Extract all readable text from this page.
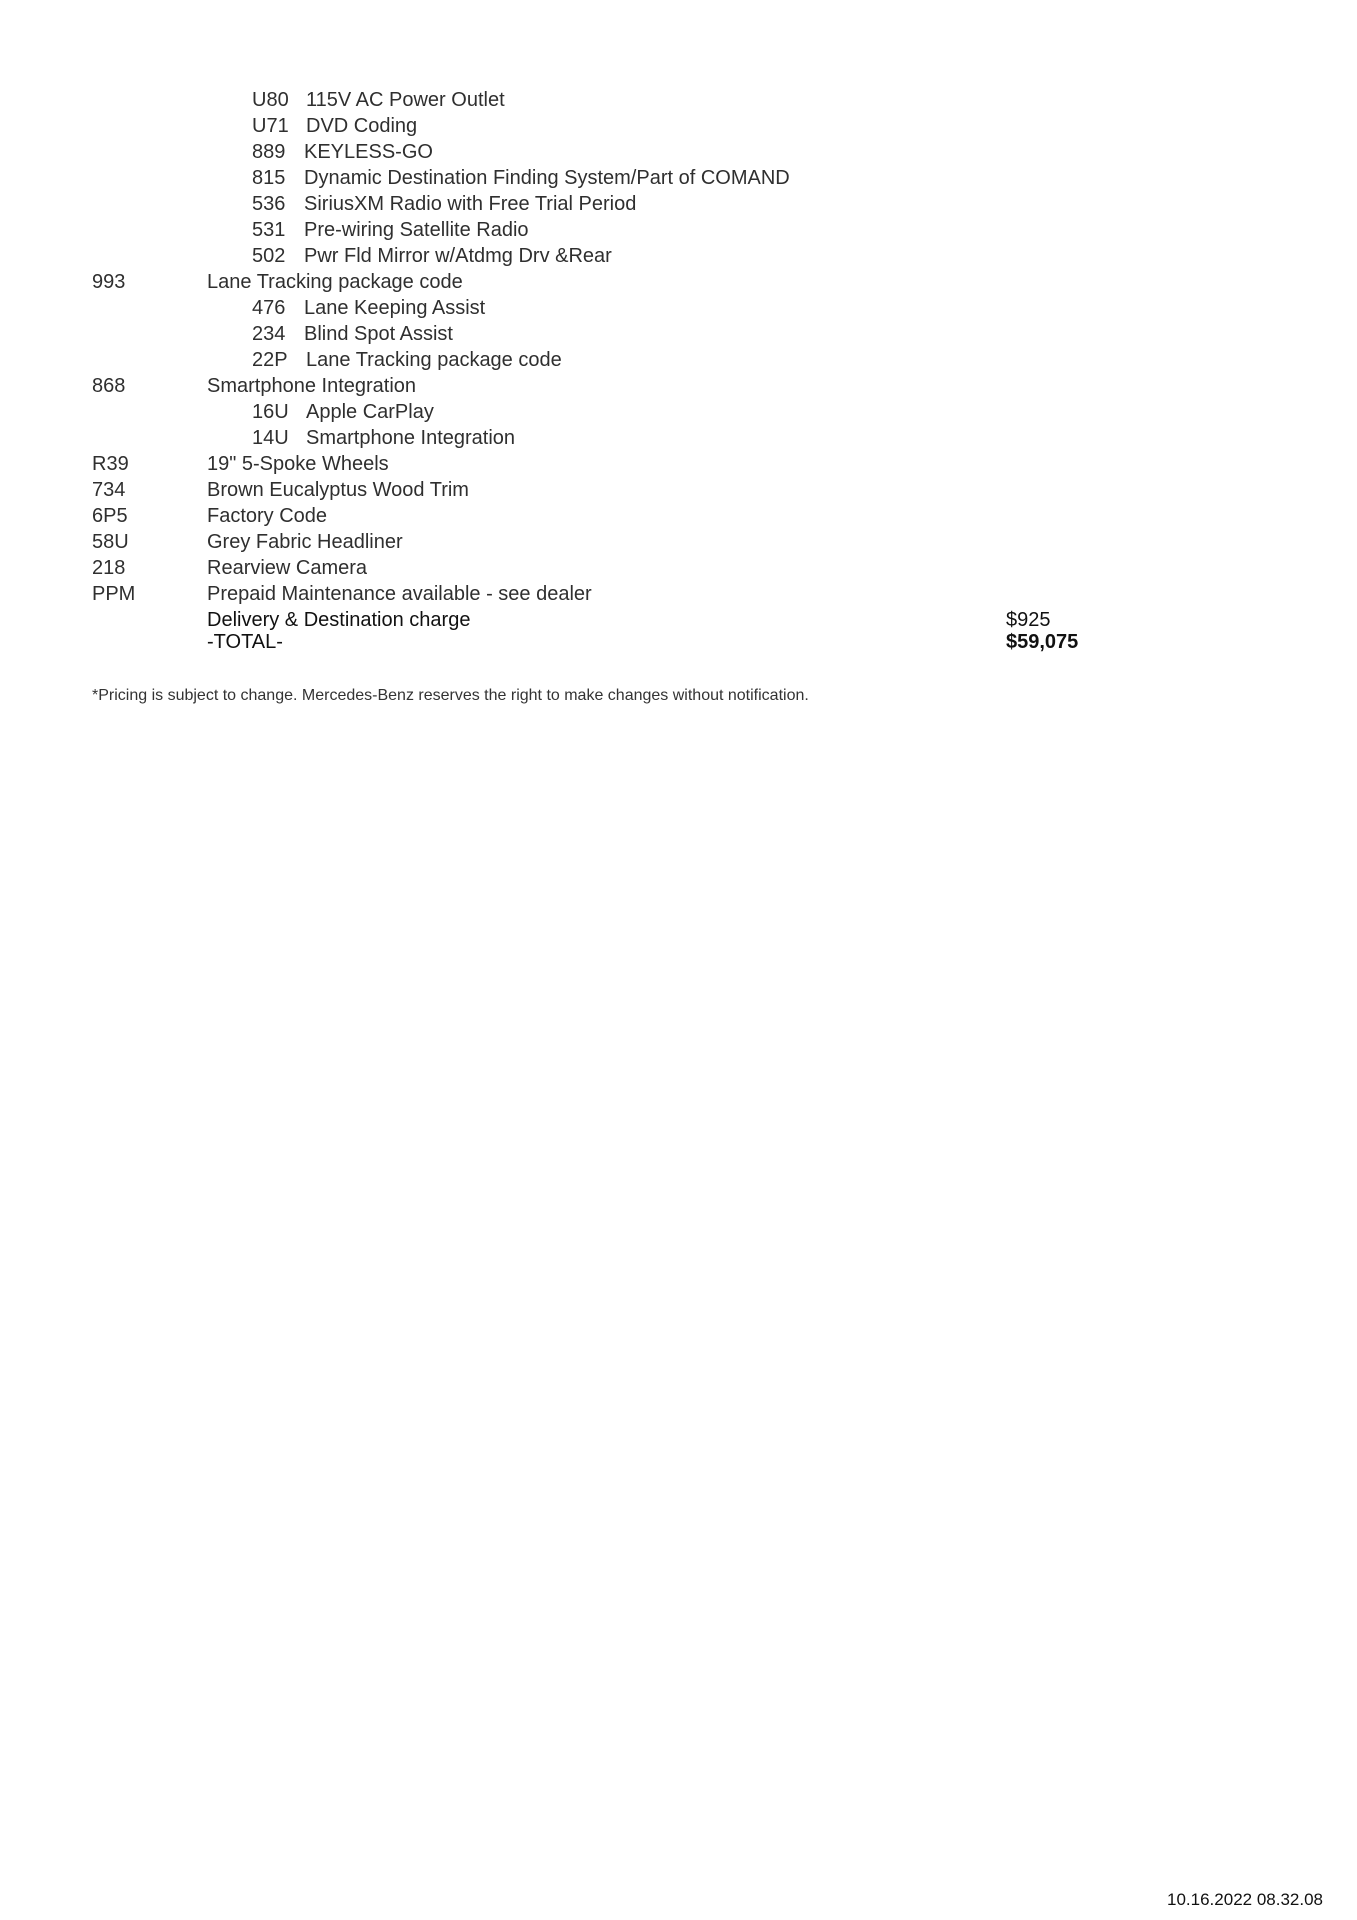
U80 115V AC Power Outlet
U71 DVD Coding
889 KEYLESS-GO
815 Dynamic Destination Finding System/Part of COMAND
536 SiriusXM Radio with Free Trial Period
531 Pre-wiring Satellite Radio
502 Pwr Fld Mirror w/Atdmg Drv &Rear
993	Lane Tracking package code
476 Lane Keeping Assist
234 Blind Spot Assist
22P Lane Tracking package code
868	Smartphone Integration
16U Apple CarPlay
14U Smartphone Integration
R39	19" 5-Spoke Wheels
734	Brown Eucalyptus Wood Trim
6P5	Factory Code
58U	Grey Fabric Headliner
218	Rearview Camera
PPM	Prepaid Maintenance available - see dealer
Delivery & Destination charge	$925
-TOTAL-	$59,075
*Pricing is subject to change. Mercedes-Benz reserves the right to make changes without notification.
10.16.2022 08.32.08
